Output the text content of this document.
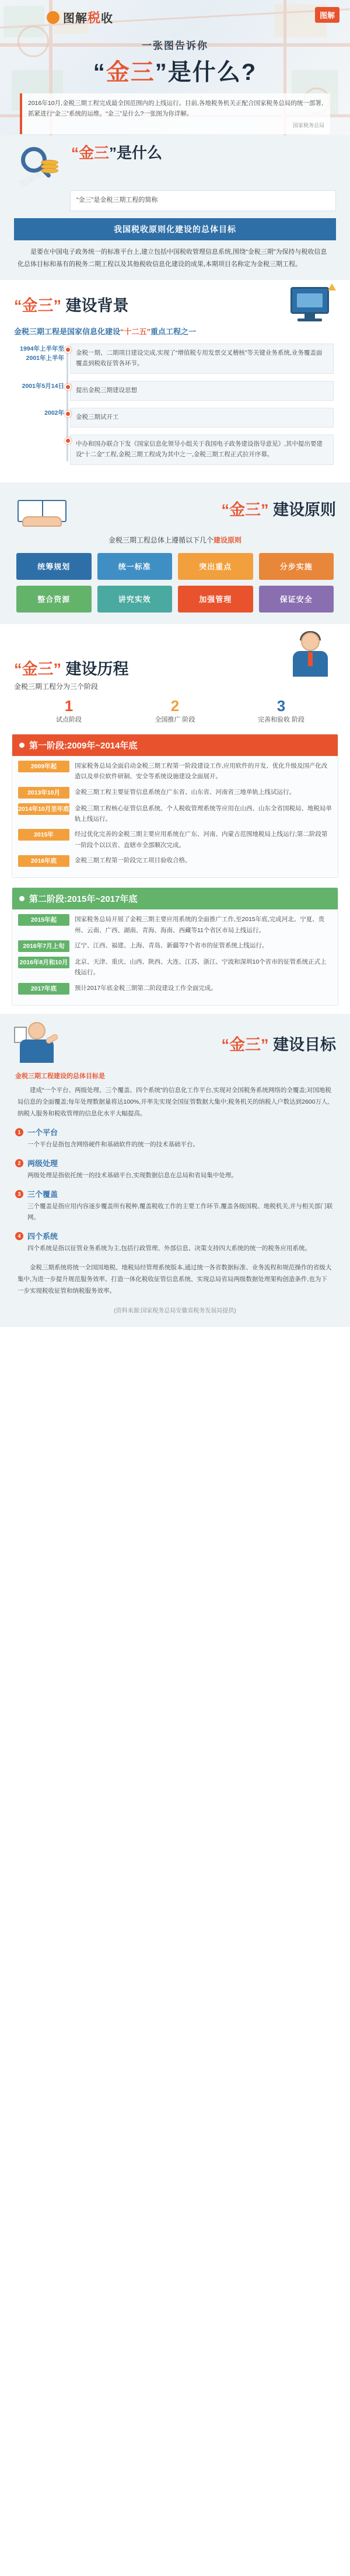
图解税收	图解
一张图告诉你
“金三”是什么?
2016年10月,金税三期工程完成最全国范围内的上线运行。目前,各地税务机关正配合国家税务总局的统一部署,抓紧进行“金三”系统的运维。“金三”是什么?一张图为你详解。
国家税务总局
“金三”是什么
“金三”是金税三期工程的简称
我国税收原则化建设的总体目标
是要在中国电子政务统一的标准平台上,建立包括中国税收管理信息系统,围绕“金税三期”为保持与税收信息化总体目标和基有的税务二期工程以及其他税收信息化建设的成果,本期项目名称定为金税三期工程。
“金三” 建设背景
金税三期工程是国家信息化建设“十二五”重点工程之一
1994年上半年至 2001年上半年
金税一期、二期项目建设完成,实现了“增值税专用发票交叉稽核”等关键业务系统,业务覆盖面覆盖到税收征管各环节。
2001年5月14日
提出金税三期建设思想
2002年
金税三期试开工
中办和国办联合下发《国家信息化领导小组关于我国电子政务建设指导意见》,其中提出要建设“十二金”工程,金税三期工程成为其中之一,金税三期工程正式拉开序幕。
“金三” 建设原则
金税三期工程总体上遵循以下几个建设原则
统筹规划	统一标准	突出重点	分步实施
整合资源	讲究实效	加强管理	保证安全
“金三” 建设历程
金税三期工程分为三个阶段
1
试点阶段
2
全国推广 阶段
3
完善和验收 阶段
第一阶段:2009年~2014年底
2009年起	国家税务总局全面启动金税三期工程第一阶段建设工作,应用软件的开发、优化升级及国产化改造以及单位软件研制、安全等系统设施建设全面展开。
2013年10月	金税三期工程主要征管信息系统在广东省、山东省、河南省三地单轨上线试运行。
2014年10月至年底 金税三期工程核心征管信息系统、个人税收管理系统等应用在山西、山东全省国税局、地税局单轨上线运行。
2015年	经过优化完善的金税三期主要应用系统在广东、河南、内蒙古范围地税局上线运行;第二阶段第一阶段个以以省、直辖市全部顺次完成。
2016年底	金税三期工程第一阶段完工项目验收合格。
第二阶段:2015年~2017年底
2015年起	国家税务总局开展了金税三期主要应用系统的全面推广工作,至2015年底,完成河北、宁夏、贵州、云南、广西、湖南、青海、海南、西藏等11个省区市局上线运行。
2016年7月上旬	辽宁、江西、福建、上海、青岛、新疆等7个省市的征管系统上线运行。
2016年8月和10月 北京、天津、重庆、山西、陕西、大连、江苏、浙江、宁波和深圳10个省市的征管系统正式上线运行。
2017年底	预计2017年底金税三期第二阶段建设工作全面完成。
“金三” 建设目标
金税三期工程建设的总体目标是
建成“一个平台、两级处理、三个覆盖、四个系统”的信息化工作平台,实现对全国税务系统网络的全覆盖;对国地税局信息的全面覆盖;每年处理数据量将达100%,并率先实现全国征管数据大集中;税务机关的纳税人户数达到2600万人,纳税人服务和税收管理的信息化水平大幅提高。
1 一个平台
一个平台是指包含网络硬件和基础软件的统一的技术基础平台。
2 两级处理
两级处理是指依托统一的技术基础平台,实现数据信息在总局和省局集中处理。
3 三个覆盖
三个覆盖是指应用内容逐步覆盖所有税种,覆盖税收工作的主要工作环节,覆盖各级国税、地税机关,并与相关部门联网。
4 四个系统
四个系统是指以征管业务系统为主,包括行政管理、外部信息、决策支持四大系统的统一的税务应用系统。
金税三期系统将统一全国国地税、地税局经管理系统版本,通过统一各省数据标准、业务流程和规范操作的省级大集中,为进一步提升规范服务效率、打造一体化税收征管信息系统、实现总局省局两级数据处理架构创造条件,也为下一步实现税收征管和纳税服务效率。
(资料来源:国家税务总局安徽省税务发展局提供)
